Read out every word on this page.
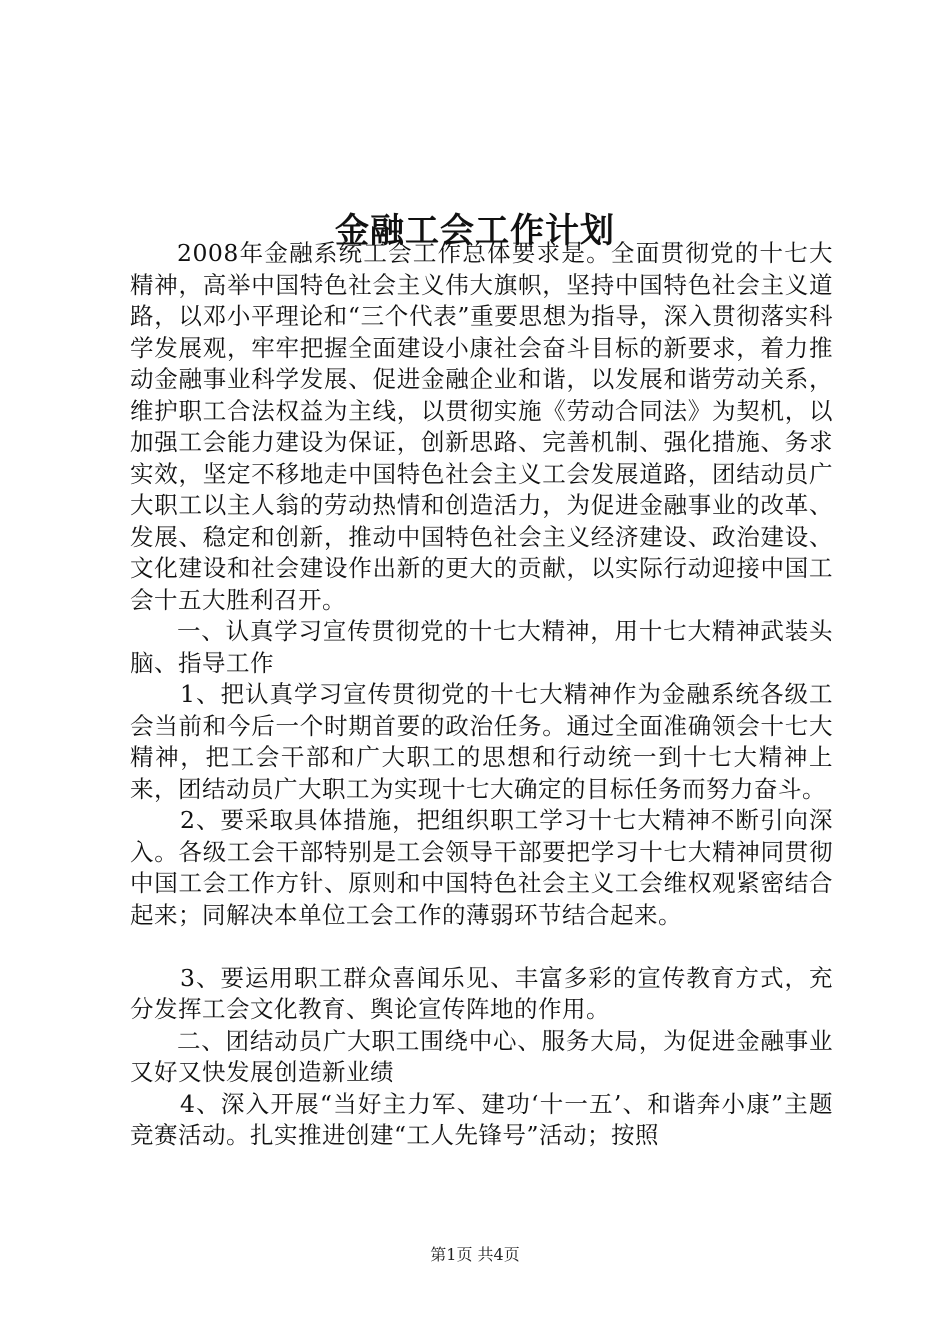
金融工会工作计划

2008年金融系统工会工作总体要求是。全面贯彻党的十七大精神，高举中国特色社会主义伟大旗帜，坚持中国特色社会主义道路，以邓小平理论和“三个代表”重要思想为指导，深入贯彻落实科学发展观，牢牢把握全面建设小康社会奋斗目标的新要求，着力推动金融事业科学发展、促进金融企业和谐，以发展和谐劳动关系，维护职工合法权益为主线，以贯彻实施《劳动合同法》为契机，以加强工会能力建设为保证，创新思路、完善机制、强化措施、务求实效，坚定不移地走中国特色社会主义工会发展道路，团结动员广大职工以主人翁的劳动热情和创造活力，为促进金融事业的改革、发展、稳定和创新，推动中国特色社会主义经济建设、政治建设、文化建设和社会建设作出新的更大的贡献，以实际行动迎接中国工会十五大胜利召开。

一、认真学习宣传贯彻党的十七大精神，用十七大精神武装头脑、指导工作

1、把认真学习宣传贯彻党的十七大精神作为金融系统各级工会当前和今后一个时期首要的政治任务。通过全面准确领会十七大精神，把工会干部和广大职工的思想和行动统一到十七大精神上来，团结动员广大职工为实现十七大确定的目标任务而努力奋斗。

2、要采取具体措施，把组织职工学习十七大精神不断引向深入。各级工会干部特别是工会领导干部要把学习十七大精神同贯彻中国工会工作方针、原则和中国特色社会主义工会维权观紧密结合起来；同解决本单位工会工作的薄弱环节结合起来。

3、要运用职工群众喜闻乐见、丰富多彩的宣传教育方式，充分发挥工会文化教育、舆论宣传阵地的作用。

二、团结动员广大职工围绕中心、服务大局，为促进金融事业又好又快发展创造新业绩

4、深入开展“当好主力军、建功‘十一五’、和谐奔小康”主题竞赛活动。扎实推进创建“工人先锋号”活动；按照

第1页 共4页
